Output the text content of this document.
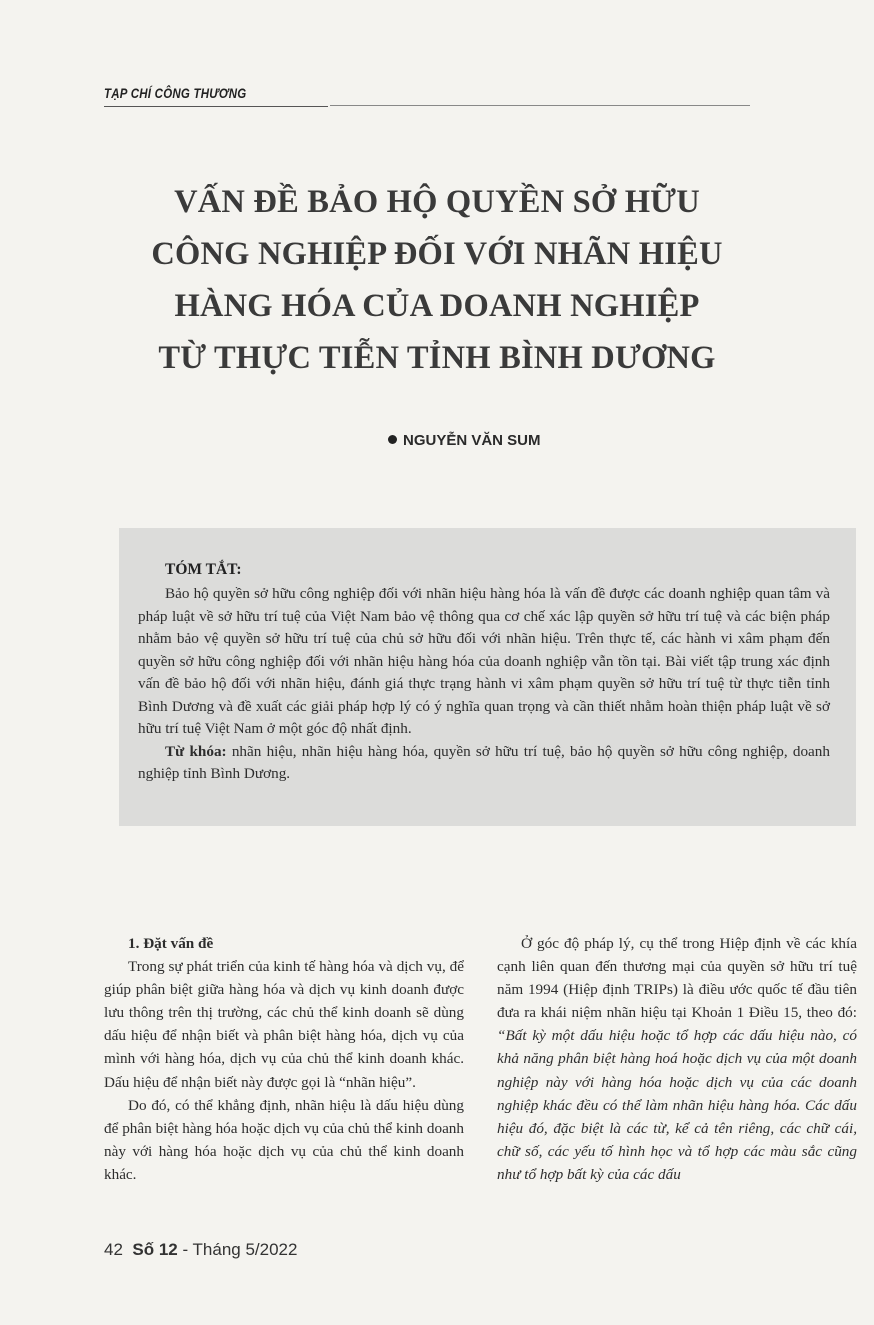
TẠP CHÍ CÔNG THƯƠNG
VẤN ĐỀ BẢO HỘ QUYỀN SỞ HỮU
CÔNG NGHIỆP ĐỐI VỚI NHÃN HIỆU
HÀNG HÓA CỦA DOANH NGHIỆP
TỪ THỰC TIỄN TỈNH BÌNH DƯƠNG
NGUYỄN VĂN SUM
TÓM TẮT:

Bảo hộ quyền sở hữu công nghiệp đối với nhãn hiệu hàng hóa là vấn đề được các doanh nghiệp quan tâm và pháp luật về sở hữu trí tuệ của Việt Nam bảo vệ thông qua cơ chế xác lập quyền sở hữu trí tuệ và các biện pháp nhằm bảo vệ quyền sở hữu trí tuệ của chủ sở hữu đối với nhãn hiệu. Trên thực tế, các hành vi xâm phạm đến quyền sở hữu công nghiệp đối với nhãn hiệu hàng hóa của doanh nghiệp vẫn tồn tại. Bài viết tập trung xác định vấn đề bảo hộ đối với nhãn hiệu, đánh giá thực trạng hành vi xâm phạm quyền sở hữu trí tuệ từ thực tiễn tỉnh Bình Dương và đề xuất các giải pháp hợp lý có ý nghĩa quan trọng và cần thiết nhằm hoàn thiện pháp luật về sở hữu trí tuệ Việt Nam ở một góc độ nhất định.

Từ khóa: nhãn hiệu, nhãn hiệu hàng hóa, quyền sở hữu trí tuệ, bảo hộ quyền sở hữu công nghiệp, doanh nghiệp tỉnh Bình Dương.

1. Đặt vấn đề

Trong sự phát triển của kinh tế hàng hóa và dịch vụ, để giúp phân biệt giữa hàng hóa và dịch vụ kinh doanh được lưu thông trên thị trường, các chủ thể kinh doanh sẽ dùng dấu hiệu để nhận biết và phân biệt hàng hóa, dịch vụ của mình với hàng hóa, dịch vụ của chủ thể kinh doanh khác. Dấu hiệu để nhận biết này được gọi là “nhãn hiệu”.

Do đó, có thể khẳng định, nhãn hiệu là dấu hiệu dùng để phân biệt hàng hóa hoặc dịch vụ của chủ thể kinh doanh này với hàng hóa hoặc dịch vụ của chủ thể kinh doanh khác.

Ở góc độ pháp lý, cụ thể trong Hiệp định về các khía cạnh liên quan đến thương mại của quyền sở hữu trí tuệ năm 1994 (Hiệp định TRIPs) là điều ước quốc tế đầu tiên đưa ra khái niệm nhãn hiệu tại Khoản 1 Điều 15, theo đó: “Bất kỳ một dấu hiệu hoặc tổ hợp các dấu hiệu nào, có khả năng phân biệt hàng hoá hoặc dịch vụ của một doanh nghiệp này với hàng hóa hoặc dịch vụ của các doanh nghiệp khác đều có thể làm nhãn hiệu hàng hóa. Các dấu hiệu đó, đặc biệt là các từ, kể cả tên riêng, các chữ cái, chữ số, các yếu tố hình học và tổ hợp các màu sắc cũng như tổ hợp bất kỳ của các dấu

42 Số 12 - Tháng 5/2022
